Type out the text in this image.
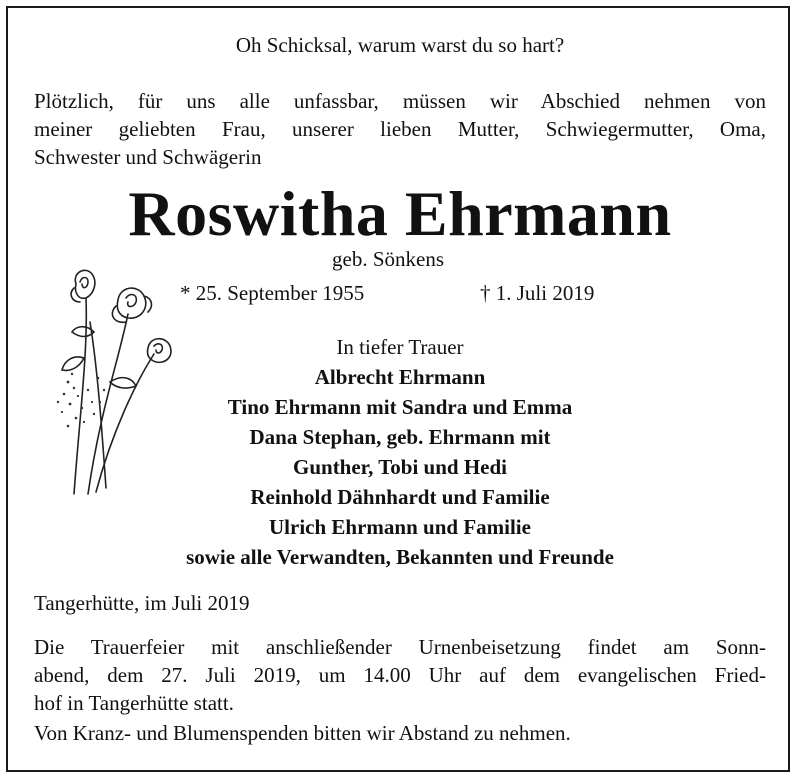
Oh Schicksal, warum warst du so hart?
Plötzlich, für uns alle unfassbar, müssen wir Abschied nehmen von
meiner geliebten Frau, unserer lieben Mutter, Schwiegermutter, Oma,
Schwester und Schwägerin
Roswitha Ehrmann
geb. Sönkens
* 25. September 1955	† 1. Juli 2019
In tiefer Trauer
Albrecht Ehrmann
Tino Ehrmann mit Sandra und Emma
Dana Stephan, geb. Ehrmann mit
Gunther, Tobi und Hedi
Reinhold Dähnhardt und Familie
Ulrich Ehrmann und Familie
sowie alle Verwandten, Bekannten und Freunde
Tangerhütte, im Juli 2019
Die Trauerfeier mit anschließender Urnenbeisetzung findet am Sonn-
abend, dem 27. Juli 2019, um 14.00 Uhr auf dem evangelischen Fried-
hof in Tangerhütte statt.
Von Kranz- und Blumenspenden bitten wir Abstand zu nehmen.
